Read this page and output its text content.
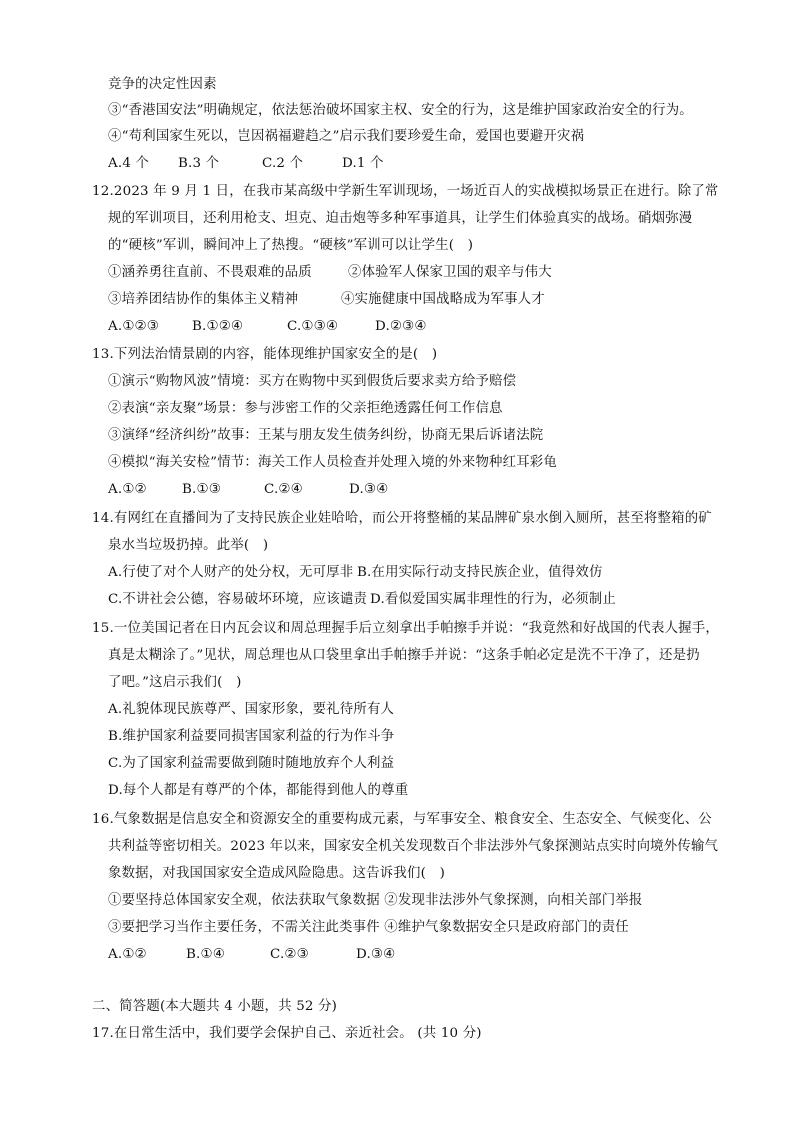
竞争的决定性因素
③“香港国安法”明确规定，依法惩治破坏国家主权、安全的行为，这是维护国家政治安全的行为。
④“苟利国家生死以，岂因祸福避趋之”启示我们要珍爱生命，爱国也要避开灾祸
A.4 个 B.3 个	C.2 个	D.1 个
12.2023 年 9 月 1 日，在我市某高级中学新生军训现场，一场近百人的实战模拟场景正在进行。除了常
规的军训项目，还利用枪支、坦克、迫击炮等多种军事道具，让学生们体验真实的战场。硝烟弥漫
的“硬核”军训，瞬间冲上了热搜。“硬核”军训可以让学生(　)
①涵养勇往直前、不畏艰难的品质	②体验军人保家卫国的艰辛与伟大
③培养团结协作的集体主义精神	④实施健康中国战略成为军事人才
A.①②③ B.①②④	C.①③④	D.②③④
13.下列法治情景剧的内容，能体现维护国家安全的是(　)
①演示“购物风波”情境：买方在购物中买到假货后要求卖方给予赔偿
②表演“亲友聚”场景：参与涉密工作的父亲拒绝透露任何工作信息
③演绎“经济纠纷”故事：王某与朋友发生债务纠纷，协商无果后诉诸法院
④模拟“海关安检”情节：海关工作人员检查并处理入境的外来物种红耳彩龟
A.①②	B.①③	C.②④	D.③④
14.有网红在直播间为了支持民族企业娃哈哈，而公开将整桶的某品牌矿泉水倒入厕所，甚至将整箱的矿
泉水当垃圾扔掉。此举(　)
A.行使了对个人财产的处分权，无可厚非 B.在用实际行动支持民族企业，值得效仿
C.不讲社会公德，容易破坏环境，应该谴责 D.看似爱国实属非理性的行为，必须制止
15.一位美国记者在日内瓦会议和周总理握手后立刻拿出手帕擦手并说：“我竟然和好战国的代表人握手，
真是太糊涂了。”见状，周总理也从口袋里拿出手帕擦手并说：“这条手帕必定是洗不干净了，还是扔
了吧。”这启示我们(　)
A.礼貌体现民族尊严、国家形象，要礼待所有人
B.维护国家利益要同损害国家利益的行为作斗争
C.为了国家利益需要做到随时随地放弃个人利益
D.每个人都是有尊严的个体，都能得到他人的尊重
16.气象数据是信息安全和资源安全的重要构成元素，与军事安全、粮食安全、生态安全、气候变化、公
共利益等密切相关。2023 年以来，国家安全机关发现数百个非法涉外气象探测站点实时向境外传输气
象数据，对我国国家安全造成风险隐患。这告诉我们(　)
①要坚持总体国家安全观，依法获取气象数据 ②发现非法涉外气象探测，向相关部门举报
③要把学习当作主要任务，不需关注此类事件 ④维护气象数据安全只是政府部门的责任
A.①②	B.①④	C.②③	D.③④
二、简答题(本大题共 4 小题，共 52 分)
17.在日常生活中，我们要学会保护自己、亲近社会。 (共 10 分)
